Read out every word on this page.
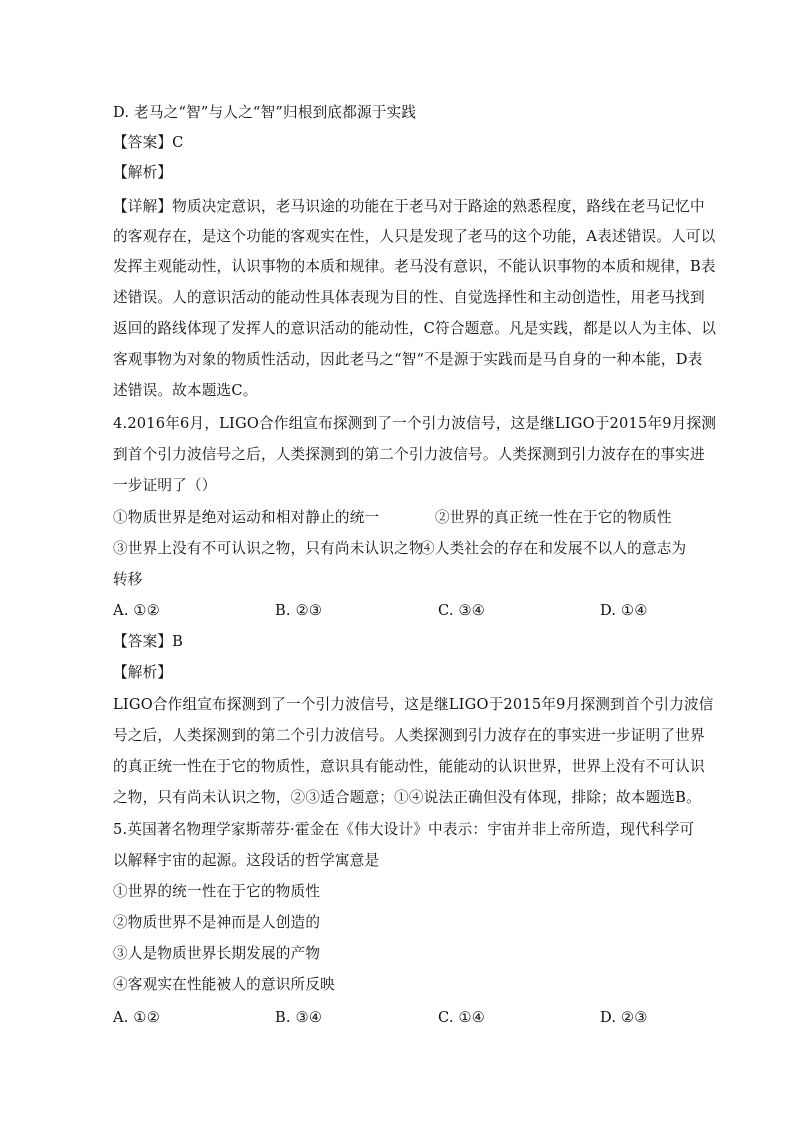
D. 老马之“智”与人之“智”归根到底都源于实践
【答案】C
【解析】
【详解】物质决定意识，老马识途的功能在于老马对于路途的熟悉程度，路线在老马记忆中
的客观存在，是这个功能的客观实在性，人只是发现了老马的这个功能，A表述错误。人可以
发挥主观能动性，认识事物的本质和规律。老马没有意识，不能认识事物的本质和规律，B表
述错误。人的意识活动的能动性具体表现为目的性、自觉选择性和主动创造性，用老马找到
返回的路线体现了发挥人的意识活动的能动性，C符合题意。凡是实践，都是以人为主体、以
客观事物为对象的物质性活动，因此老马之“智“不是源于实践而是马自身的一种本能，D表
述错误。故本题选C。
4.2016年6月，LIGO合作组宣布探测到了一个引力波信号，这是继LIGO于2015年9月探测
到首个引力波信号之后，人类探测到的第二个引力波信号。人类探测到引力波存在的事实进
一步证明了（）
①物质世界是绝对运动和相对静止的统一	②世界的真正统一性在于它的物质性
③世界上没有不可认识之物，只有尚未认识之物
④人类社会的存在和发展不以人的意志为
转移
A. ①②	B. ②③	C. ③④	D. ①④
【答案】B
【解析】
LIGO合作组宣布探测到了一个引力波信号，这是继LIGO于2015年9月探测到首个引力波信
号之后，人类探测到的第二个引力波信号。人类探测到引力波存在的事实进一步证明了世界
的真正统一性在于它的物质性，意识具有能动性，能能动的认识世界，世界上没有不可认识
之物，只有尚未认识之物，②③适合题意；①④说法正确但没有体现，排除；故本题选B。
5.英国著名物理学家斯蒂芬·霍金在《伟大设计》中表示：宇宙并非上帝所造，现代科学可
以解释宇宙的起源。这段话的哲学寓意是
①世界的统一性在于它的物质性
②物质世界不是神而是人创造的
③人是物质世界长期发展的产物
④客观实在性能被人的意识所反映
A. ①②	B. ③④	C. ①④	D. ②③
